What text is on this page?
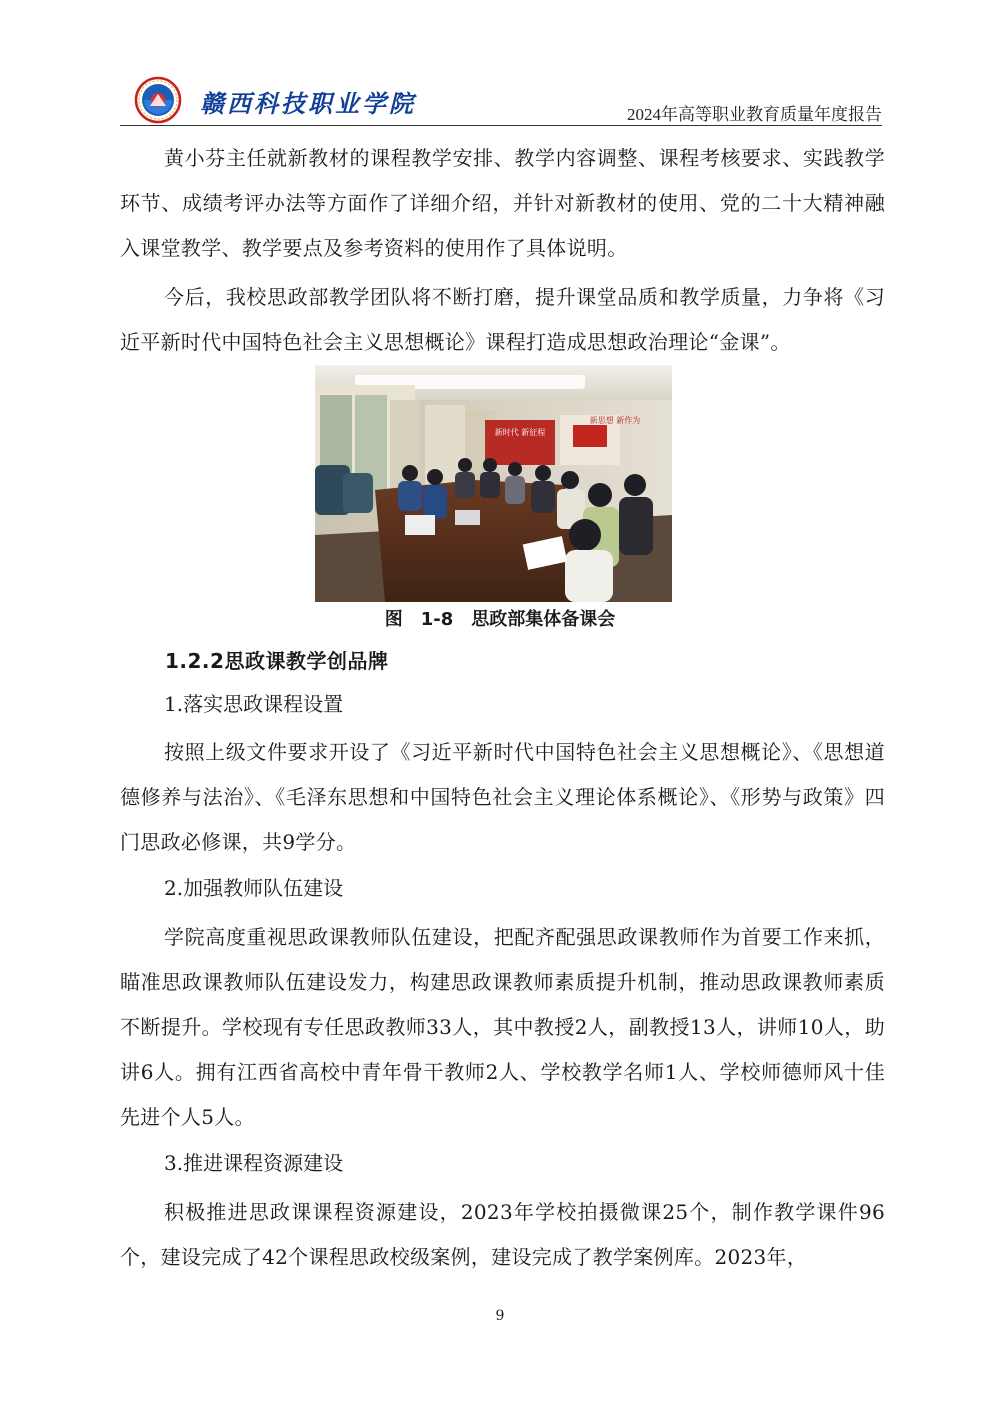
赣西科技职业学院	2024年高等职业教育质量年度报告
黄小芬主任就新教材的课程教学安排、教学内容调整、课程考核要求、实践教学环节、成绩考评办法等方面作了详细介绍，并针对新教材的使用、党的二十大精神融入课堂教学、教学要点及参考资料的使用作了具体说明。
今后，我校思政部教学团队将不断打磨，提升课堂品质和教学质量，力争将《习近平新时代中国特色社会主义思想概论》课程打造成思想政治理论“金课”。
新时代 新征程
新思想 新作为
图　1-8　思政部集体备课会
1.2.2思政课教学创品牌
1.落实思政课程设置
按照上级文件要求开设了《习近平新时代中国特色社会主义思想概论》、《思想道德修养与法治》、《毛泽东思想和中国特色社会主义理论体系概论》、《形势与政策》四门思政必修课，共9学分。
2.加强教师队伍建设
学院高度重视思政课教师队伍建设，把配齐配强思政课教师作为首要工作来抓，瞄准思政课教师队伍建设发力，构建思政课教师素质提升机制，推动思政课教师素质不断提升。学校现有专任思政教师33人，其中教授2人，副教授13人，讲师10人，助讲6人。拥有江西省高校中青年骨干教师2人、学校教学名师1人、学校师德师风十佳先进个人5人。
3.推进课程资源建设
积极推进思政课课程资源建设，2023年学校拍摄微课25个，制作教学课件96个，建设完成了42个课程思政校级案例，建设完成了教学案例库。2023年，
9
